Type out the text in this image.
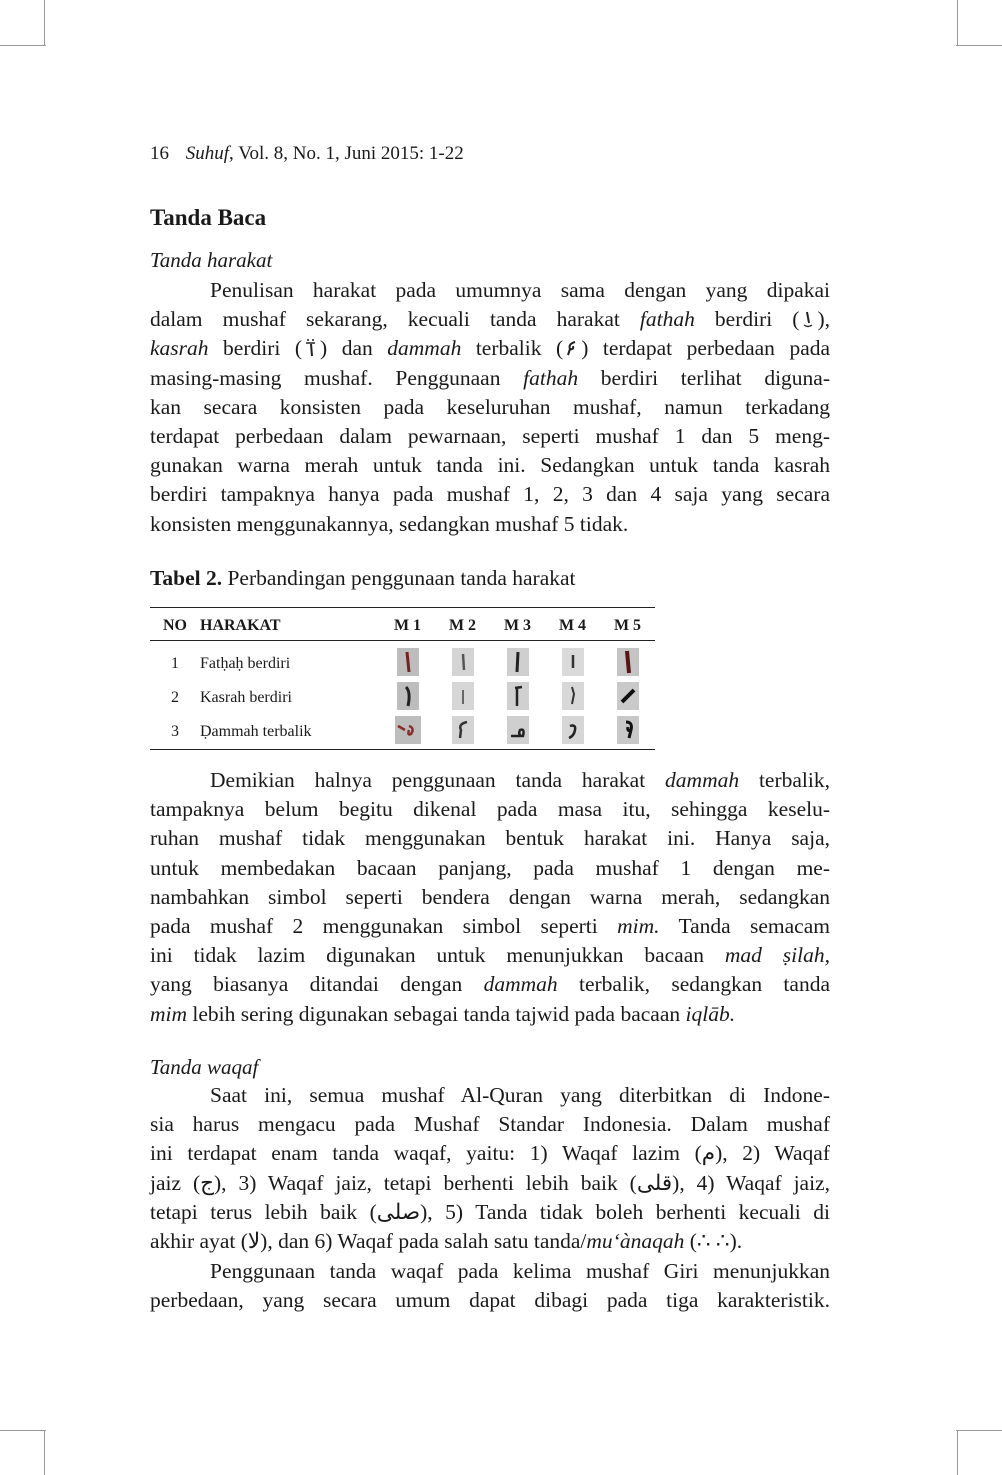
16 Suhuf, Vol. 8, No. 1, Juni 2015: 1-22
Tanda Baca
Tanda harakat

Penulisan harakat pada umumnya sama dengan yang dipakai
dalam mushaf sekarang, kecuali tanda harakat fathah berdiri ( ),
kasrah berdiri ( ) dan dammah terbalik ( ) terdapat perbedaan pada
masing-masing mushaf. Penggunaan fathah berdiri terlihat diguna-
kan secara konsisten pada keseluruhan mushaf, namun terkadang
terdapat perbedaan dalam pewarnaan, seperti mushaf 1 dan 5 meng-
gunakan warna merah untuk tanda ini. Sedangkan untuk tanda kasrah
berdiri tampaknya hanya pada mushaf 1, 2, 3 dan 4 saja yang secara
konsisten menggunakannya, sedangkan mushaf 5 tidak.

Tabel 2. Perbandingan penggunaan tanda harakat
NO	HARAKAT	M 1	M 2	M 3	M 4	M 5
1	Fatḥaḥ berdiri	

2	Kasrah berdiri	

3	Ḍammah terbalik	

Demikian halnya penggunaan tanda harakat dammah terbalik,
tampaknya belum begitu dikenal pada masa itu, sehingga keselu-
ruhan mushaf tidak menggunakan bentuk harakat ini. Hanya saja,
untuk membedakan bacaan panjang, pada mushaf 1 dengan me-
nambahkan simbol seperti bendera dengan warna merah, sedangkan
pada mushaf 2 menggunakan simbol seperti mim. Tanda semacam
ini tidak lazim digunakan untuk menunjukkan bacaan mad ṣilah,
yang biasanya ditandai dengan dammah terbalik, sedangkan tanda
mim lebih sering digunakan sebagai tanda tajwid pada bacaan iqlāb.

Tanda waqaf

Saat ini, semua mushaf Al-Quran yang diterbitkan di Indone-
sia harus mengacu pada Mushaf Standar Indonesia. Dalam mushaf
ini terdapat enam tanda waqaf, yaitu: 1) Waqaf lazim (م), 2) Waqaf
jaiz (ج), 3) Waqaf jaiz, tetapi berhenti lebih baik (قلى), 4) Waqaf jaiz,
tetapi terus lebih baik (صلى), 5) Tanda tidak boleh berhenti kecuali di
akhir ayat (لا), dan 6) Waqaf pada salah satu tanda/mu‘ànaqah (∴ ∴).

Penggunaan tanda waqaf pada kelima mushaf Giri menunjukkan
perbedaan, yang secara umum dapat dibagi pada tiga karakteristik.
